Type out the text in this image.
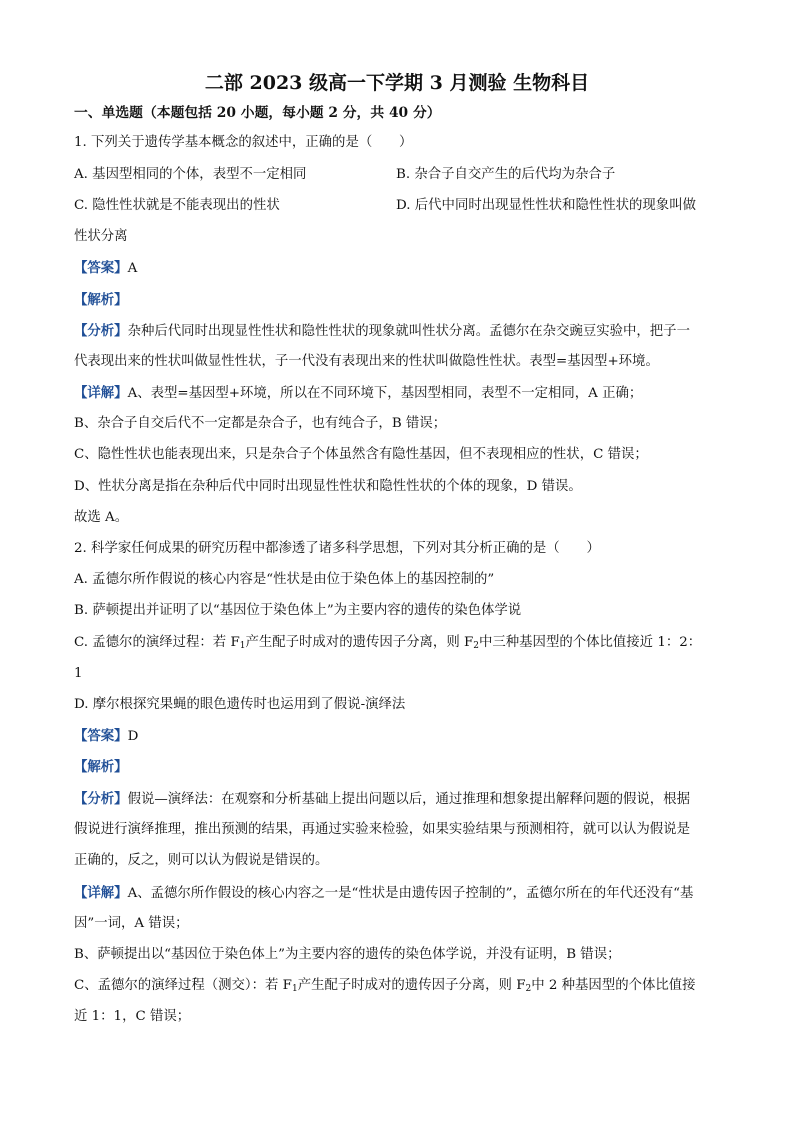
二部 2023 级高一下学期 3 月测验 生物科目
一、单选题（本题包括 20 小题，每小题 2 分，共 40 分）
1. 下列关于遗传学基本概念的叙述中，正确的是（　　）
A. 基因型相同的个体，表型不一定相同	B. 杂合子自交产生的后代均为杂合子
C. 隐性性状就是不能表现出的性状	D. 后代中同时出现显性性状和隐性性状的现象叫做
性状分离
【答案】A
【解析】
【分析】杂种后代同时出现显性性状和隐性性状的现象就叫性状分离。孟德尔在杂交豌豆实验中，把子一
代表现出来的性状叫做显性性状，子一代没有表现出来的性状叫做隐性性状。表型=基因型+环境。
【详解】A、表型=基因型+环境，所以在不同环境下，基因型相同，表型不一定相同，A 正确；
B、杂合子自交后代不一定都是杂合子，也有纯合子，B 错误；
C、隐性性状也能表现出来，只是杂合子个体虽然含有隐性基因，但不表现相应的性状，C 错误；
D、性状分离是指在杂种后代中同时出现显性性状和隐性性状的个体的现象，D 错误。
故选 A。
2. 科学家任何成果的研究历程中都渗透了诸多科学思想，下列对其分析正确的是（　　）
A. 孟德尔所作假说的核心内容是“性状是由位于染色体上的基因控制的”
B. 萨顿提出并证明了以“基因位于染色体上”为主要内容的遗传的染色体学说
C. 孟德尔的演绎过程：若 $F_1$产生配子时成对的遗传因子分离，则 $F_2$中三种基因型的个体比值接近 1：2：
1
D. 摩尔根探究果蝇的眼色遗传时也运用到了假说-演绎法
【答案】D
【解析】
【分析】假说—演绎法：在观察和分析基础上提出问题以后，通过推理和想象提出解释问题的假说，根据
假说进行演绎推理，推出预测的结果，再通过实验来检验，如果实验结果与预测相符，就可以认为假说是
正确的，反之，则可以认为假说是错误的。
【详解】A、孟德尔所作假设的核心内容之一是“性状是由遗传因子控制的”，孟德尔所在的年代还没有“基
因”一词，A 错误；
B、萨顿提出以“基因位于染色体上”为主要内容的遗传的染色体学说，并没有证明，B 错误；
C、孟德尔的演绎过程（测交）：若 $F_1$产生配子时成对的遗传因子分离，则 $F_2$中 2 种基因型的个体比值接
近 1：1，C 错误；
